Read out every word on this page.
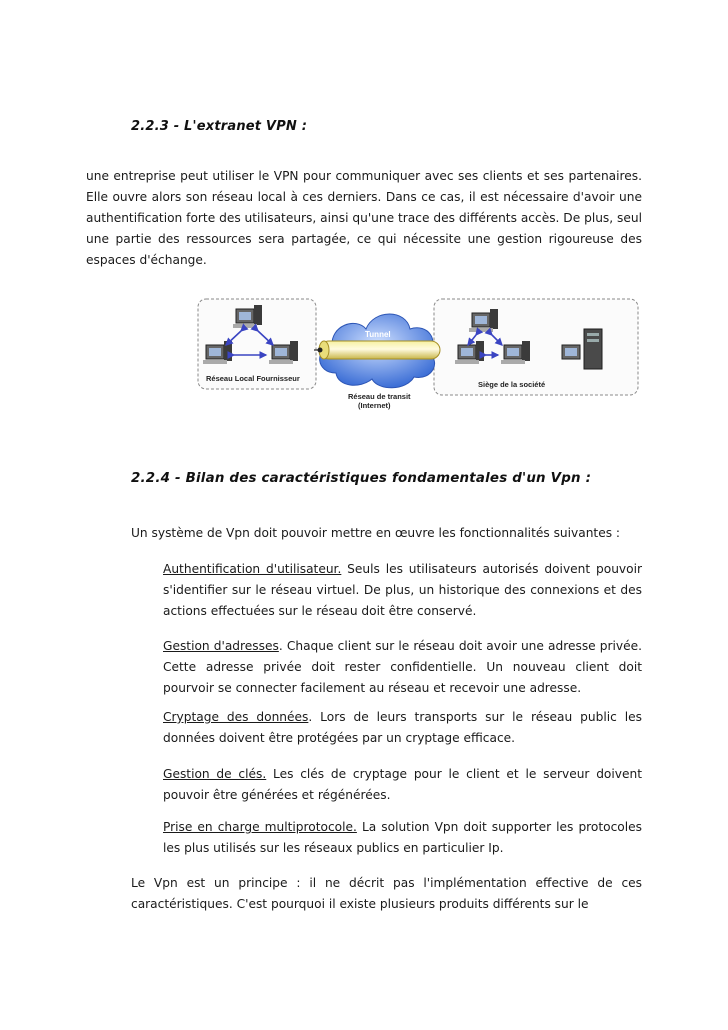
2.2.3 - L'extranet VPN :

une entreprise peut utiliser le VPN pour communiquer avec ses clients et ses partenaires. Elle ouvre alors son réseau local à ces derniers. Dans ce cas, il est nécessaire d'avoir une authentification forte des utilisateurs, ainsi qu'une trace des différents accès. De plus, seul une partie des ressources sera partagée, ce qui nécessite une gestion rigoureuse des espaces d'échange.

Réseau Local Fournisseur
Siège de la société
Tunnel
Réseau de transit
(Internet)
2.2.4 - Bilan des caractéristiques fondamentales d'un Vpn :

Un système de Vpn doit pouvoir mettre en œuvre les fonctionnalités suivantes :

Authentification d'utilisateur. Seuls les utilisateurs autorisés doivent pouvoir s'identifier sur le réseau virtuel. De plus, un historique des connexions et des actions effectuées sur le réseau doit être conservé.
Gestion d'adresses. Chaque client sur le réseau doit avoir une adresse privée. Cette adresse privée doit rester confidentielle. Un nouveau client doit pourvoir se connecter facilement au réseau et recevoir une adresse.
Cryptage des données. Lors de leurs transports sur le réseau public les données doivent être protégées par un cryptage efficace.
Gestion de clés. Les clés de cryptage pour le client et le serveur doivent pouvoir être générées et régénérées.
Prise en charge multiprotocole. La solution Vpn doit supporter les protocoles les plus utilisés sur les réseaux publics en particulier Ip.

Le Vpn est un principe : il ne décrit pas l'implémentation effective de ces caractéristiques. C'est pourquoi il existe plusieurs produits différents sur le
